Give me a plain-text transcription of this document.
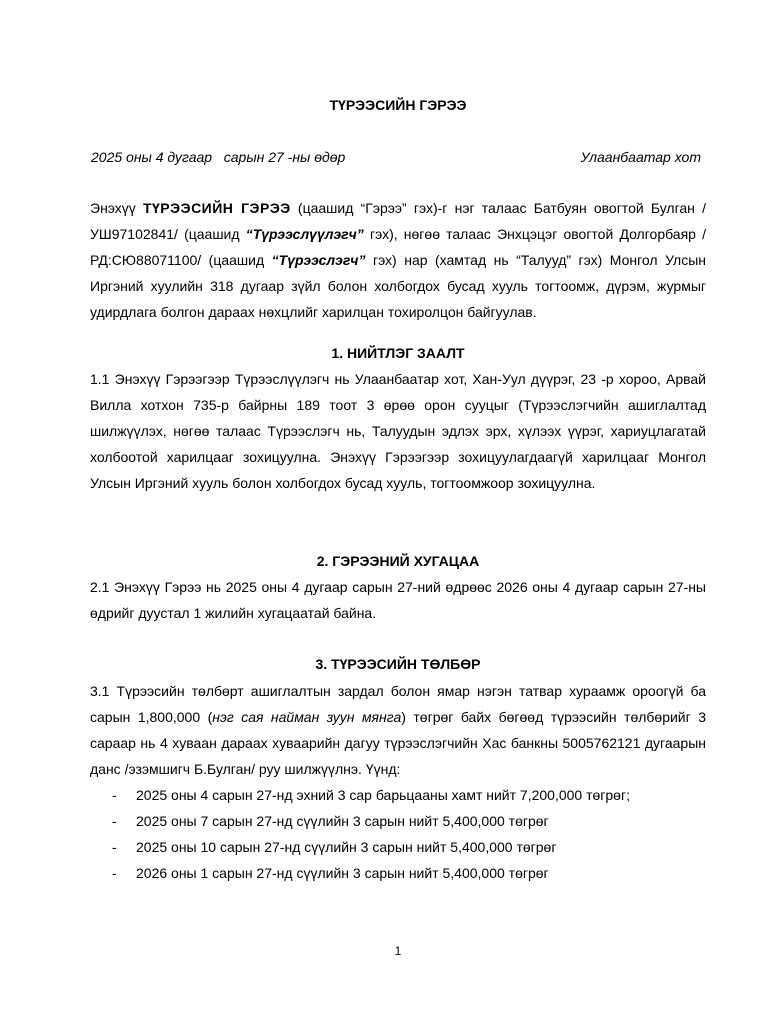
ТҮРЭЭСИЙН ГЭРЭЭ
2025 оны 4 дугаар   сарын 27 -ны өдөр	Улаанбаатар хот
Энэхүү ТҮРЭЭСИЙН ГЭРЭЭ (цаашид “Гэрээ” гэх)-г нэг талаас Батбуян овогтой Булган /УШ97102841/ (цаашид “Түрээслүүлэгч” гэх), нөгөө талаас Энхцэцэг овогтой Долгорбаяр /РД:СЮ88071100/ (цаашид “Түрээслэгч” гэх) нар (хамтад нь “Талууд” гэх) Монгол Улсын Иргэний хуулийн 318 дугаар зүйл болон холбогдох бусад хууль тогтоомж, дүрэм, журмыг удирдлага болгон дараах нөхцлийг харилцан тохиролцон байгуулав.
1. НИЙТЛЭГ ЗААЛТ
1.1 Энэхүү Гэрээгээр Түрээслүүлэгч нь Улаанбаатар хот, Хан-Уул дүүрэг, 23 -р хороо, Арвай Вилла хотхон 735-р байрны 189 тоот 3 өрөө орон сууцыг (Түрээслэгчийн ашиглалтад шилжүүлэх, нөгөө талаас Түрээслэгч нь, Талуудын эдлэх эрх, хүлээх үүрэг, хариуцлагатай холбоотой харилцааг зохицуулна. Энэхүү Гэрээгээр зохицуулагдаагүй харилцааг Монгол Улсын Иргэний хууль болон холбогдох бусад хууль, тогтоомжоор зохицуулна.
2. ГЭРЭЭНИЙ ХУГАЦАА
2.1 Энэхүү Гэрээ нь 2025 оны 4 дугаар сарын 27-ний өдрөөс 2026 оны 4 дугаар сарын 27-ны өдрийг дуустал 1 жилийн хугацаатай байна.
3. ТҮРЭЭСИЙН ТӨЛБӨР
3.1 Түрээсийн төлбөрт ашиглалтын зардал болон ямар нэгэн татвар хураамж ороогүй ба сарын 1,800,000 (нэг сая найман зуун мянга) төгрөг байх бөгөөд түрээсийн төлбөрийг 3 сараар нь 4 хуваан дараах хуваарийн дагуу түрээслэгчийн Хас банкны 5005762121 дугаарын данс /эзэмшигч Б.Булган/ руу шилжүүлнэ. Үүнд:
- 2025 оны 4 сарын 27-нд эхний 3 сар барьцааны хамт нийт 7,200,000 төгрөг;
- 2025 оны 7 сарын 27-нд сүүлийн 3 сарын нийт 5,400,000 төгрөг
- 2025 оны 10 сарын 27-нд сүүлийн 3 сарын нийт 5,400,000 төгрөг
- 2026 оны 1 сарын 27-нд сүүлийн 3 сарын нийт 5,400,000 төгрөг
1
